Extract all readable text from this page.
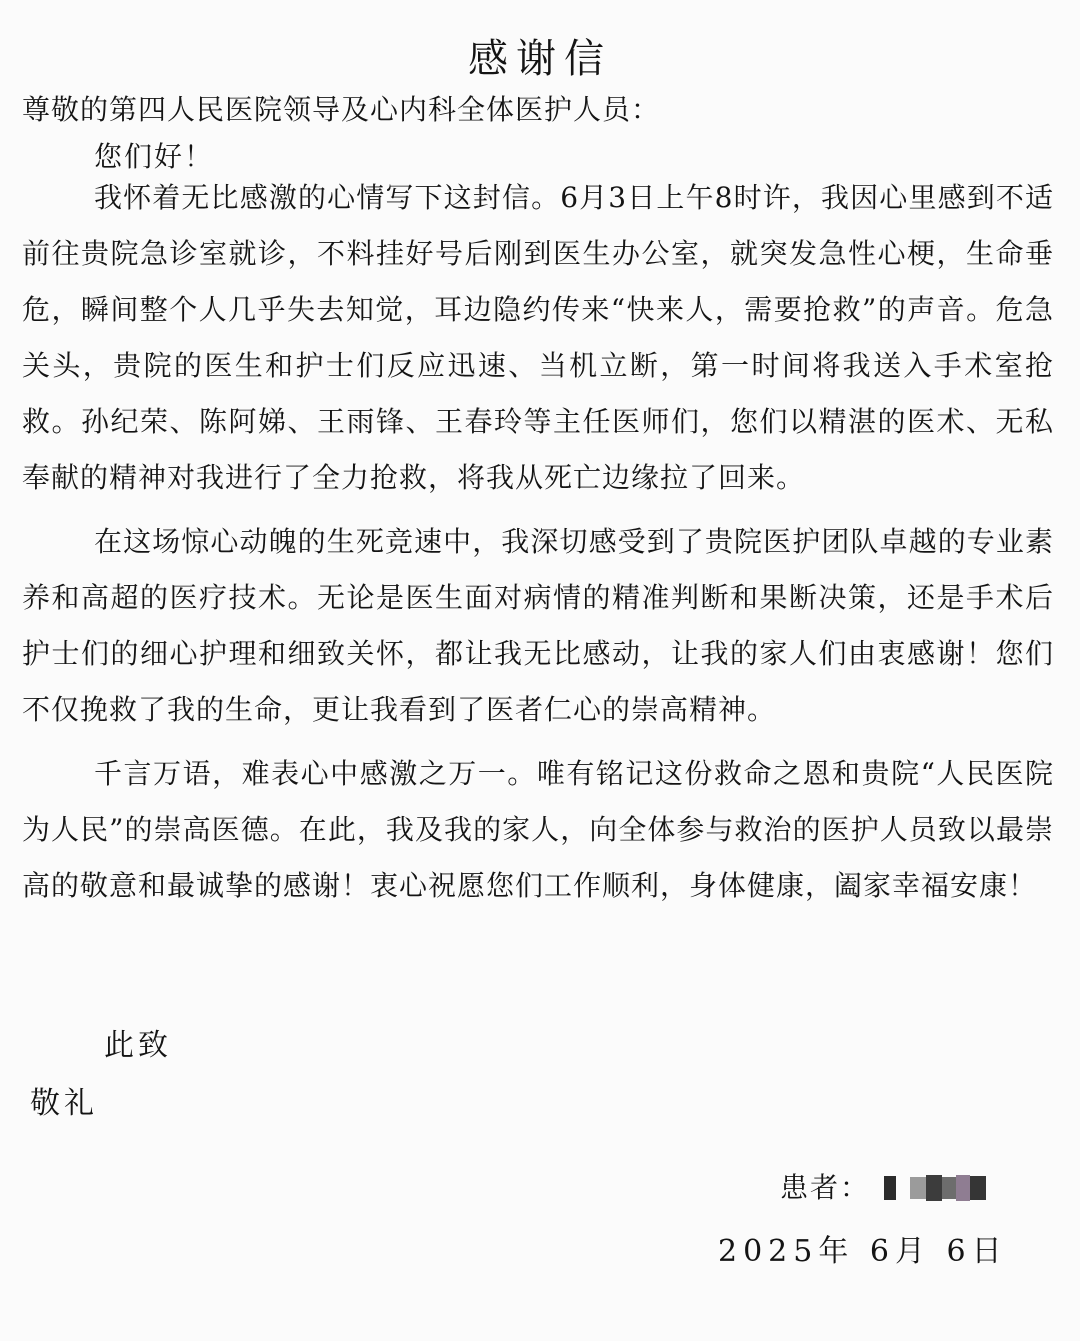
感谢信
尊敬的第四人民医院领导及心内科全体医护人员：
您们好！

我怀着无比感激的心情写下这封信。6月3日上午8时许，我因心里感到不适前往贵院急诊室就诊，不料挂好号后刚到医生办公室，就突发急性心梗，生命垂危，瞬间整个人几乎失去知觉，耳边隐约传来“快来人，需要抢救”的声音。危急关头，贵院的医生和护士们反应迅速、当机立断，第一时间将我送入手术室抢救。孙纪荣、陈阿娣、王雨锋、王春玲等主任医师们，您们以精湛的医术、无私奉献的精神对我进行了全力抢救，将我从死亡边缘拉了回来。

在这场惊心动魄的生死竞速中，我深切感受到了贵院医护团队卓越的专业素养和高超的医疗技术。无论是医生面对病情的精准判断和果断决策，还是手术后护士们的细心护理和细致关怀，都让我无比感动，让我的家人们由衷感谢！您们不仅挽救了我的生命，更让我看到了医者仁心的崇高精神。

千言万语，难表心中感激之万一。唯有铭记这份救命之恩和贵院“人民医院为人民”的崇高医德。在此，我及我的家人，向全体参与救治的医护人员致以最崇高的敬意和最诚挚的感谢！衷心祝愿您们工作顺利，身体健康，阖家幸福安康！

此致
敬礼
患者：
2025年 6月 6日
